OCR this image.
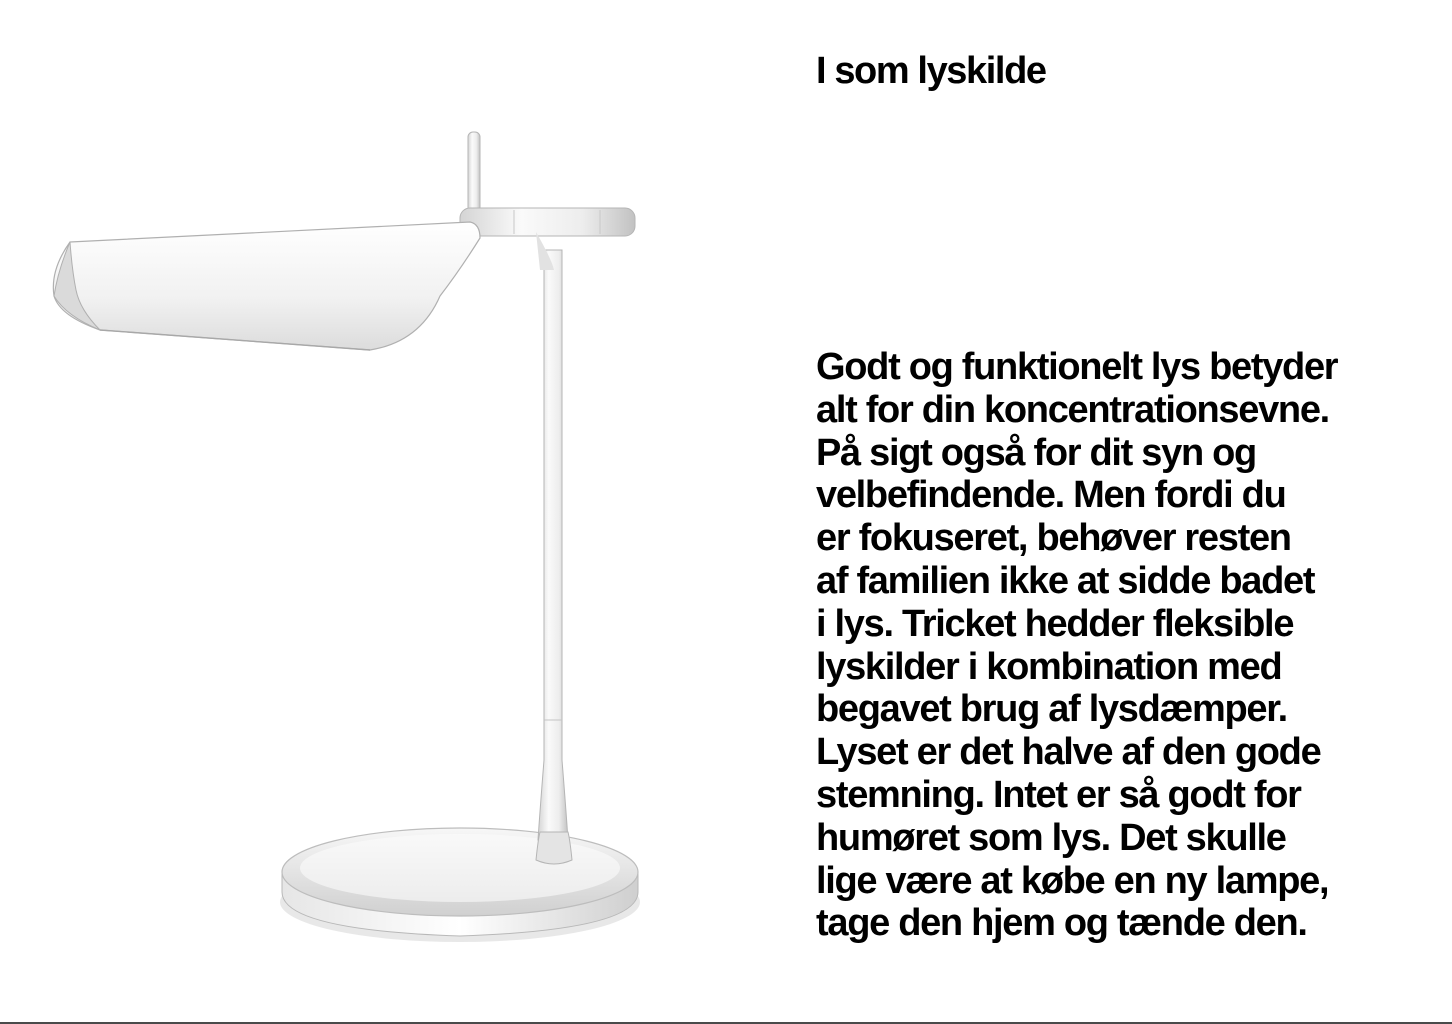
I som lyskilde

Godt og funktionelt lys betyder
alt for din koncentrationsevne.
På sigt også for dit syn og
velbefindende. Men fordi du
er fokuseret, behøver resten
af familien ikke at sidde badet
i lys. Tricket hedder fleksible
lyskilder i kombination med
begavet brug af lysdæmper.
Lyset er det halve af den gode
stemning. Intet er så godt for
humøret som lys. Det skulle
lige være at købe en ny lampe,
tage den hjem og tænde den.
